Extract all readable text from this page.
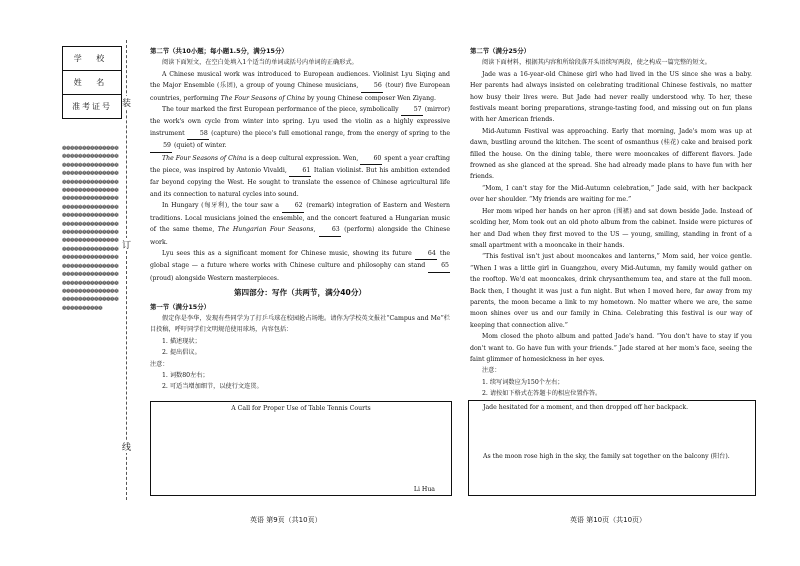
学 校
姓 名
准考证号
❁❁❁❁❁❁❁❁❁❁❁❁❁❁❁❁❁❁❁❁❁❁❁❁❁❁❁❁❁❁❁❁❁❁❁❁❁❁❁❁❁❁❁❁❁❁❁❁❁❁❁❁❁❁❁❁❁❁❁❁❁❁❁❁❁❁❁❁❁❁❁❁❁❁❁❁❁❁❁❁❁❁❁❁❁❁❁❁❁❁❁❁❁❁❁❁❁❁❁❁❁❁❁❁❁❁❁❁❁❁❁❁❁❁❁❁❁❁❁❁❁❁❁❁❁❁❁❁❁❁❁❁❁❁❁❁❁❁❁❁❁❁❁❁❁❁❁❁❁❁❁❁❁❁❁❁❁❁❁❁❁❁❁❁❁❁❁❁❁❁❁❁❁❁❁❁❁❁❁❁❁❁❁❁❁❁❁❁❁❁❁❁❁❁❁❁❁❁❁❁❁❁❁❁❁❁❁❁❁❁❁❁❁❁❁❁❁❁❁❁❁❁❁❁❁❁❁❁❁❁❁❁❁❁❁❁❁❁❁❁❁❁❁❁❁❁❁❁❁❁❁❁❁❁❁❁❁❁❁❁❁❁❁❁❁❁❁❁❁❁❁❁❁❁❁❁
装
订
线

第二节（共10小题；每小题1.5分，满分15分）

阅读下面短文，在空白处填入1个适当的单词或括号内单词的正确形式。

A Chinese musical work was introduced to European audiences. Violinist Lyu Siqing and the Major Ensemble (乐团), a group of young Chinese musicians, 56 (tour) five European countries, performing The Four Seasons of China by young Chinese composer Wen Ziyang.

The tour marked the first European performance of the piece, symbolically 57 (mirror) the work's own cycle from winter into spring. Lyu used the violin as a highly expressive instrument 58 (capture) the piece's full emotional range, from the energy of spring to the 59 (quiet) of winter.

The Four Seasons of China is a deep cultural expression. Wen, 60 spent a year crafting the piece, was inspired by Antonio Vivaldi, 61 Italian violinist. But his ambition extended far beyond copying the West. He sought to translate the essence of Chinese agricultural life and its connection to natural cycles into sound.

In Hungary (匈牙利), the tour saw a 62 (remark) integration of Eastern and Western traditions. Local musicians joined the ensemble, and the concert featured a Hungarian music of the same theme, The Hungarian Four Seasons, 63 (perform) alongside the Chinese work.

Lyu sees this as a significant moment for Chinese music, showing its future 64 the global stage — a future where works with Chinese culture and philosophy can stand 65 (proud) alongside Western masterpieces.

第四部分：写作（共两节，满分40分）

第一节（满分15分）

假定你是李华，发现有些同学为了打乒乓球在校园抢占场地。请你为学校英文报社“Campus and Me”栏目投稿，呼吁同学们文明规范使用球场，内容包括：

1. 描述现状；

2. 提出倡议。

注意：

1. 词数80左右；

2. 可适当增加细节，以使行文连贯。

A Call for Proper Use of Table Tennis Courts
Li Hua
英语 第9页（共10页）

第二节（满分25分）

阅读下面材料，根据其内容和所给段落开头语续写两段，使之构成一篇完整的短文。

Jade was a 16-year-old Chinese girl who had lived in the US since she was a baby. Her parents had always insisted on celebrating traditional Chinese festivals, no matter how busy their lives were. But Jade had never really understood why. To her, these festivals meant boring preparations, strange-tasting food, and missing out on fun plans with her American friends.

Mid-Autumn Festival was approaching. Early that morning, Jade's mom was up at dawn, bustling around the kitchen. The scent of osmanthus (桂花) cake and braised pork filled the house. On the dining table, there were mooncakes of different flavors. Jade frowned as she glanced at the spread. She had already made plans to have fun with her friends.

“Mom, I can't stay for the Mid-Autumn celebration,” Jade said, with her backpack over her shoulder. “My friends are waiting for me.”

Her mom wiped her hands on her apron (围裙) and sat down beside Jade. Instead of scolding her, Mom took out an old photo album from the cabinet. Inside were pictures of her and Dad when they first moved to the US — young, smiling, standing in front of a small apartment with a mooncake in their hands.

“This festival isn't just about mooncakes and lanterns,” Mom said, her voice gentle. “When I was a little girl in Guangzhou, every Mid-Autumn, my family would gather on the rooftop. We'd eat mooncakes, drink chrysanthemum tea, and stare at the full moon. Back then, I thought it was just a fun night. But when I moved here, far away from my parents, the moon became a link to my hometown. No matter where we are, the same moon shines over us and our family in China. Celebrating this festival is our way of keeping that connection alive.”

Mom closed the photo album and patted Jade's hand. “You don't have to stay if you don't want to. Go have fun with your friends.” Jade stared at her mom's face, seeing the faint glimmer of homesickness in her eyes.

注意：

1. 续写词数应为150个左右；

2. 请按如下格式在答题卡的相应位置作答。

Jade hesitated for a moment, and then dropped off her backpack.
As the moon rose high in the sky, the family sat together on the balcony (阳台).
英语 第10页（共10页）
